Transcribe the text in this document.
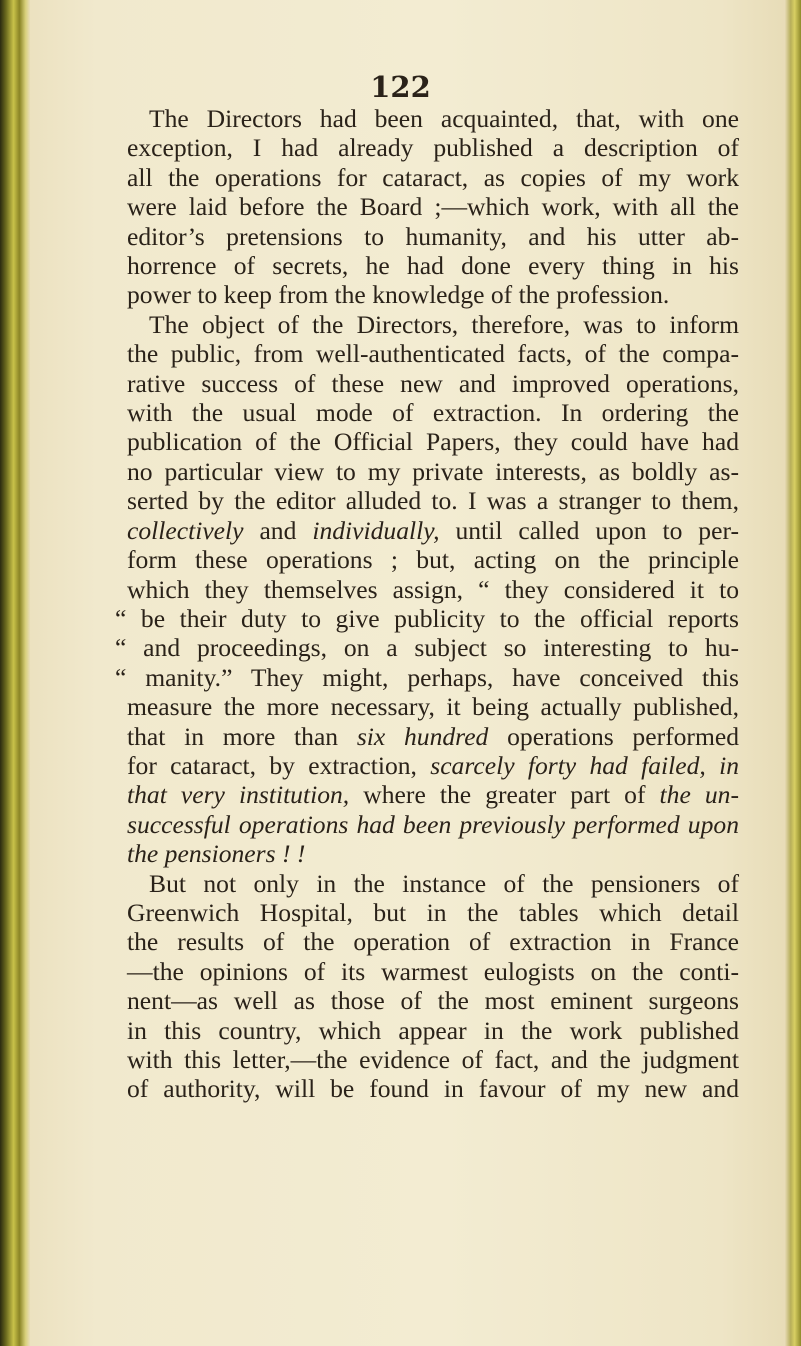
122
The Directors had been acquainted, that, with one
exception, I had already published a description of
all the operations for cataract, as copies of my work
were laid before the Board ;—which work, with all the
editor’s pretensions to humanity, and his utter ab-
horrence of secrets, he had done every thing in his
power to keep from the knowledge of the profession.
The object of the Directors, therefore, was to inform
the public, from well-authenticated facts, of the compa-
rative success of these new and improved operations,
with the usual mode of extraction. In ordering the
publication of the Official Papers, they could have had
no particular view to my private interests, as boldly as-
serted by the editor alluded to. I was a stranger to them,
collectively and individually, until called upon to per-
form these operations ; but, acting on the principle
which they themselves assign, “ they considered it to
“ be their duty to give publicity to the official reports
“ and proceedings, on a subject so interesting to hu-
“ manity.” They might, perhaps, have conceived this
measure the more necessary, it being actually published,
that in more than six hundred operations performed
for cataract, by extraction, scarcely forty had failed, in
that very institution, where the greater part of the un-
successful operations had been previously performed upon
the pensioners ! !
But not only in the instance of the pensioners of
Greenwich Hospital, but in the tables which detail
the results of the operation of extraction in France
—the opinions of its warmest eulogists on the conti-
nent—as well as those of the most eminent surgeons
in this country, which appear in the work published
with this letter,—the evidence of fact, and the judgment
of authority, will be found in favour of my new and
